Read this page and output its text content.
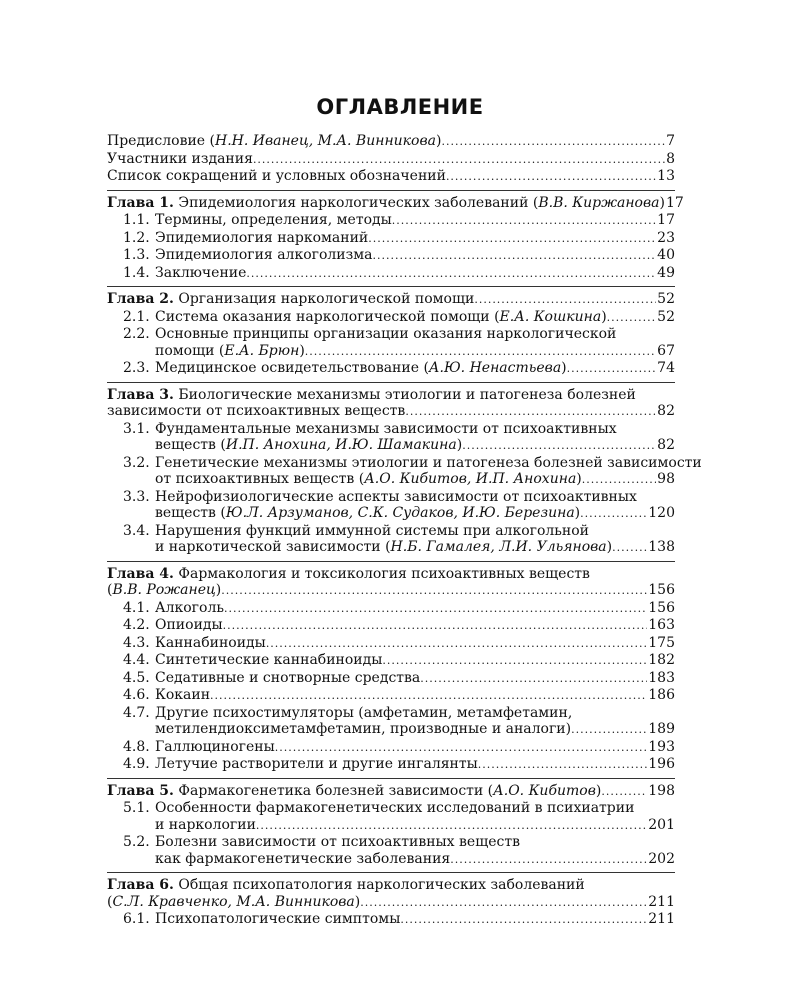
ОГЛАВЛЕНИЕ
Предисловие (Н.Н. Иванец, М.А. Винникова) .....	7
Участники издания .....	8
Список сокращений и условных обозначений .....	13
Глава 1. Эпидемиология наркологических заболеваний (В.В. Киржанова) 17
1.1. Термины, определения, методы .....	17
1.2. Эпидемиология наркоманий .....	23
1.3. Эпидемиология алкоголизма .....	40
1.4. Заключение .....	49
Глава 2. Организация наркологической помощи .....	52
2.1. Система оказания наркологической помощи (Е.А. Кошкина) .....	52
2.2. Основные принципы организации оказания наркологической
помощи (Е.А. Брюн) .....	67
2.3. Медицинское освидетельствование (А.Ю. Ненастьева) .....	74
Глава 3. Биологические механизмы этиологии и патогенеза болезней
зависимости от психоактивных веществ .....	82
3.1. Фундаментальные механизмы зависимости от психоактивных
веществ (И.П. Анохина, И.Ю. Шамакина) .....	82
3.2. Генетические механизмы этиологии и патогенеза болезней зависимости
от психоактивных веществ (А.О. Кибитов, И.П. Анохина) .....	98
3.3. Нейрофизиологические аспекты зависимости от психоактивных
веществ (Ю.Л. Арзуманов, С.К. Судаков, И.Ю. Березина) .....	120
3.4. Нарушения функций иммунной системы при алкогольной
и наркотической зависимости (Н.Б. Гамалея, Л.И. Ульянова) .....	138
Глава 4. Фармакология и токсикология психоактивных веществ
(В.В. Рожанец) .....	156
4.1. Алкоголь .....	156
4.2. Опиоиды .....	163
4.3. Каннабиноиды .....	175
4.4. Синтетические каннабиноиды .....	182
4.5. Седативные и снотворные средства .....	183
4.6. Кокаин .....	186
4.7. Другие психостимуляторы (амфетамин, метамфетамин,
метилендиоксиметамфетамин, производные и аналоги) .....	189
4.8. Галлюциногены .....	193
4.9. Летучие растворители и другие ингалянты .....	196
Глава 5. Фармакогенетика болезней зависимости (А.О. Кибитов) .....	198
5.1. Особенности фармакогенетических исследований в психиатрии
и наркологии .....	201
5.2. Болезни зависимости от психоактивных веществ
как фармакогенетические заболевания .....	202
Глава 6. Общая психопатология наркологических заболеваний
(С.Л. Кравченко, М.А. Винникова) .....	211
6.1. Психопатологические симптомы .....	211
